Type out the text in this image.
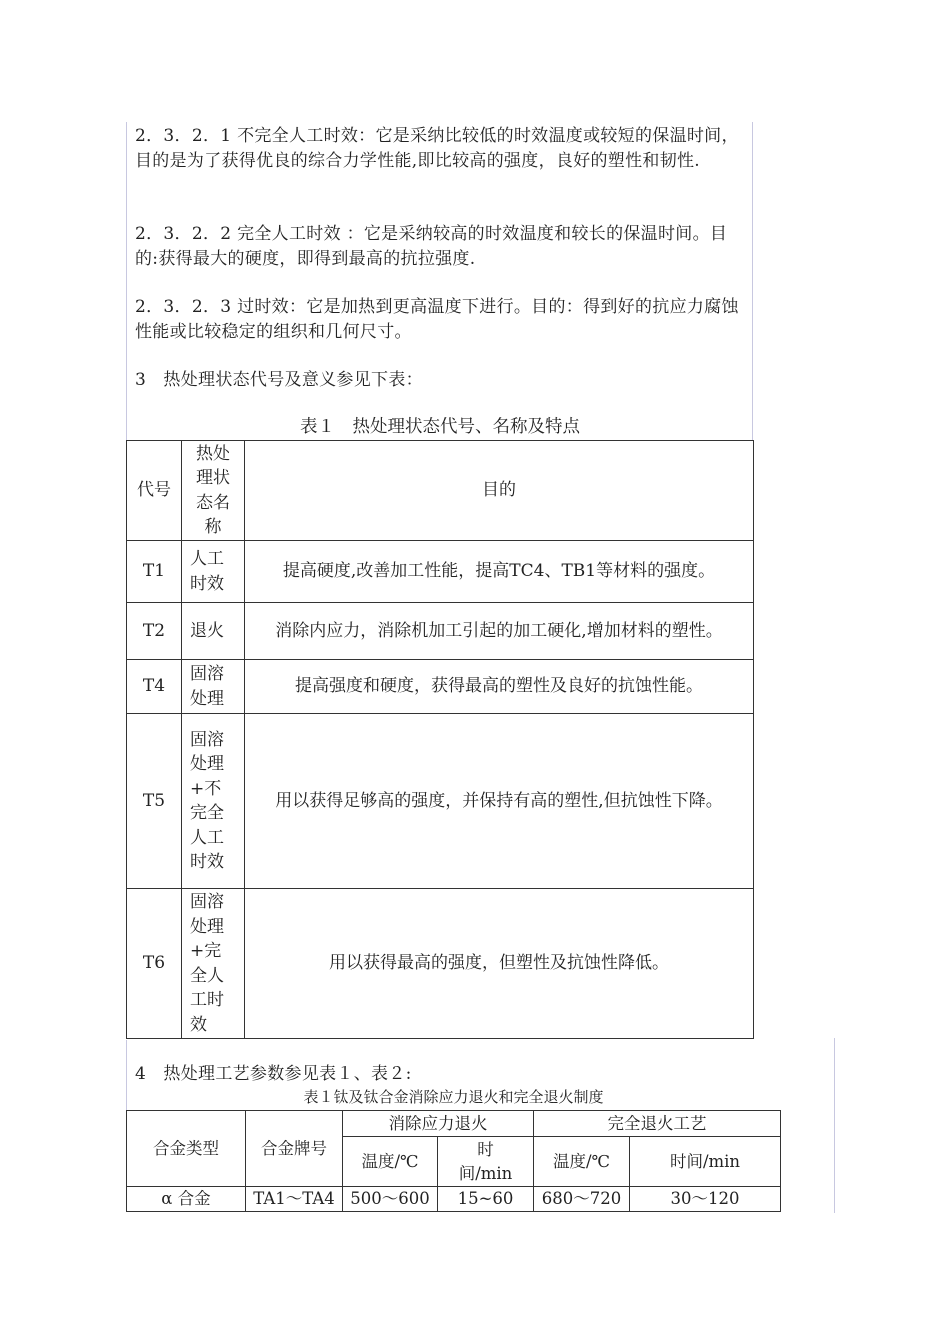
2．3．2．1 不完全人工时效：它是采纳比较低的时效温度或较短的保温时间，目的是为了获得优良的综合力学性能,即比较高的强度，良好的塑性和韧性.

2．3．2．2 完全人工时效 ：它是采纳较高的时效温度和较长的保温时间。目的:获得最大的硬度，即得到最高的抗拉强度.

2．3．2．3 过时效：它是加热到更高温度下进行。目的：得到好的抗应力腐蚀性能或比较稳定的组织和几何尺寸。

3　热处理状态代号及意义参见下表：

表１　热处理状态代号、名称及特点

代号	热处理状态名称	目的
T1	人工时效	提高硬度,改善加工性能，提高TC4、TB1等材料的强度。
T2	退火	消除内应力，消除机加工引起的加工硬化,增加材料的塑性。
T4	固溶处理	提高强度和硬度，获得最高的塑性及良好的抗蚀性能。
T5	固溶处理+不完全人工时效	用以获得足够高的强度，并保持有高的塑性,但抗蚀性下降。
T6	固溶处理+完全人工时效	用以获得最高的强度，但塑性及抗蚀性降低。

4　热处理工艺参数参见表１、表２:

表１钛及钛合金消除应力退火和完全退火制度

合金类型	合金牌号	消除应力退火		完全退火工艺	
		温度/℃	时间/min	温度/℃	时间/min
α 合金	TA1～TA4	500～600	15~60	680～720	30～120
